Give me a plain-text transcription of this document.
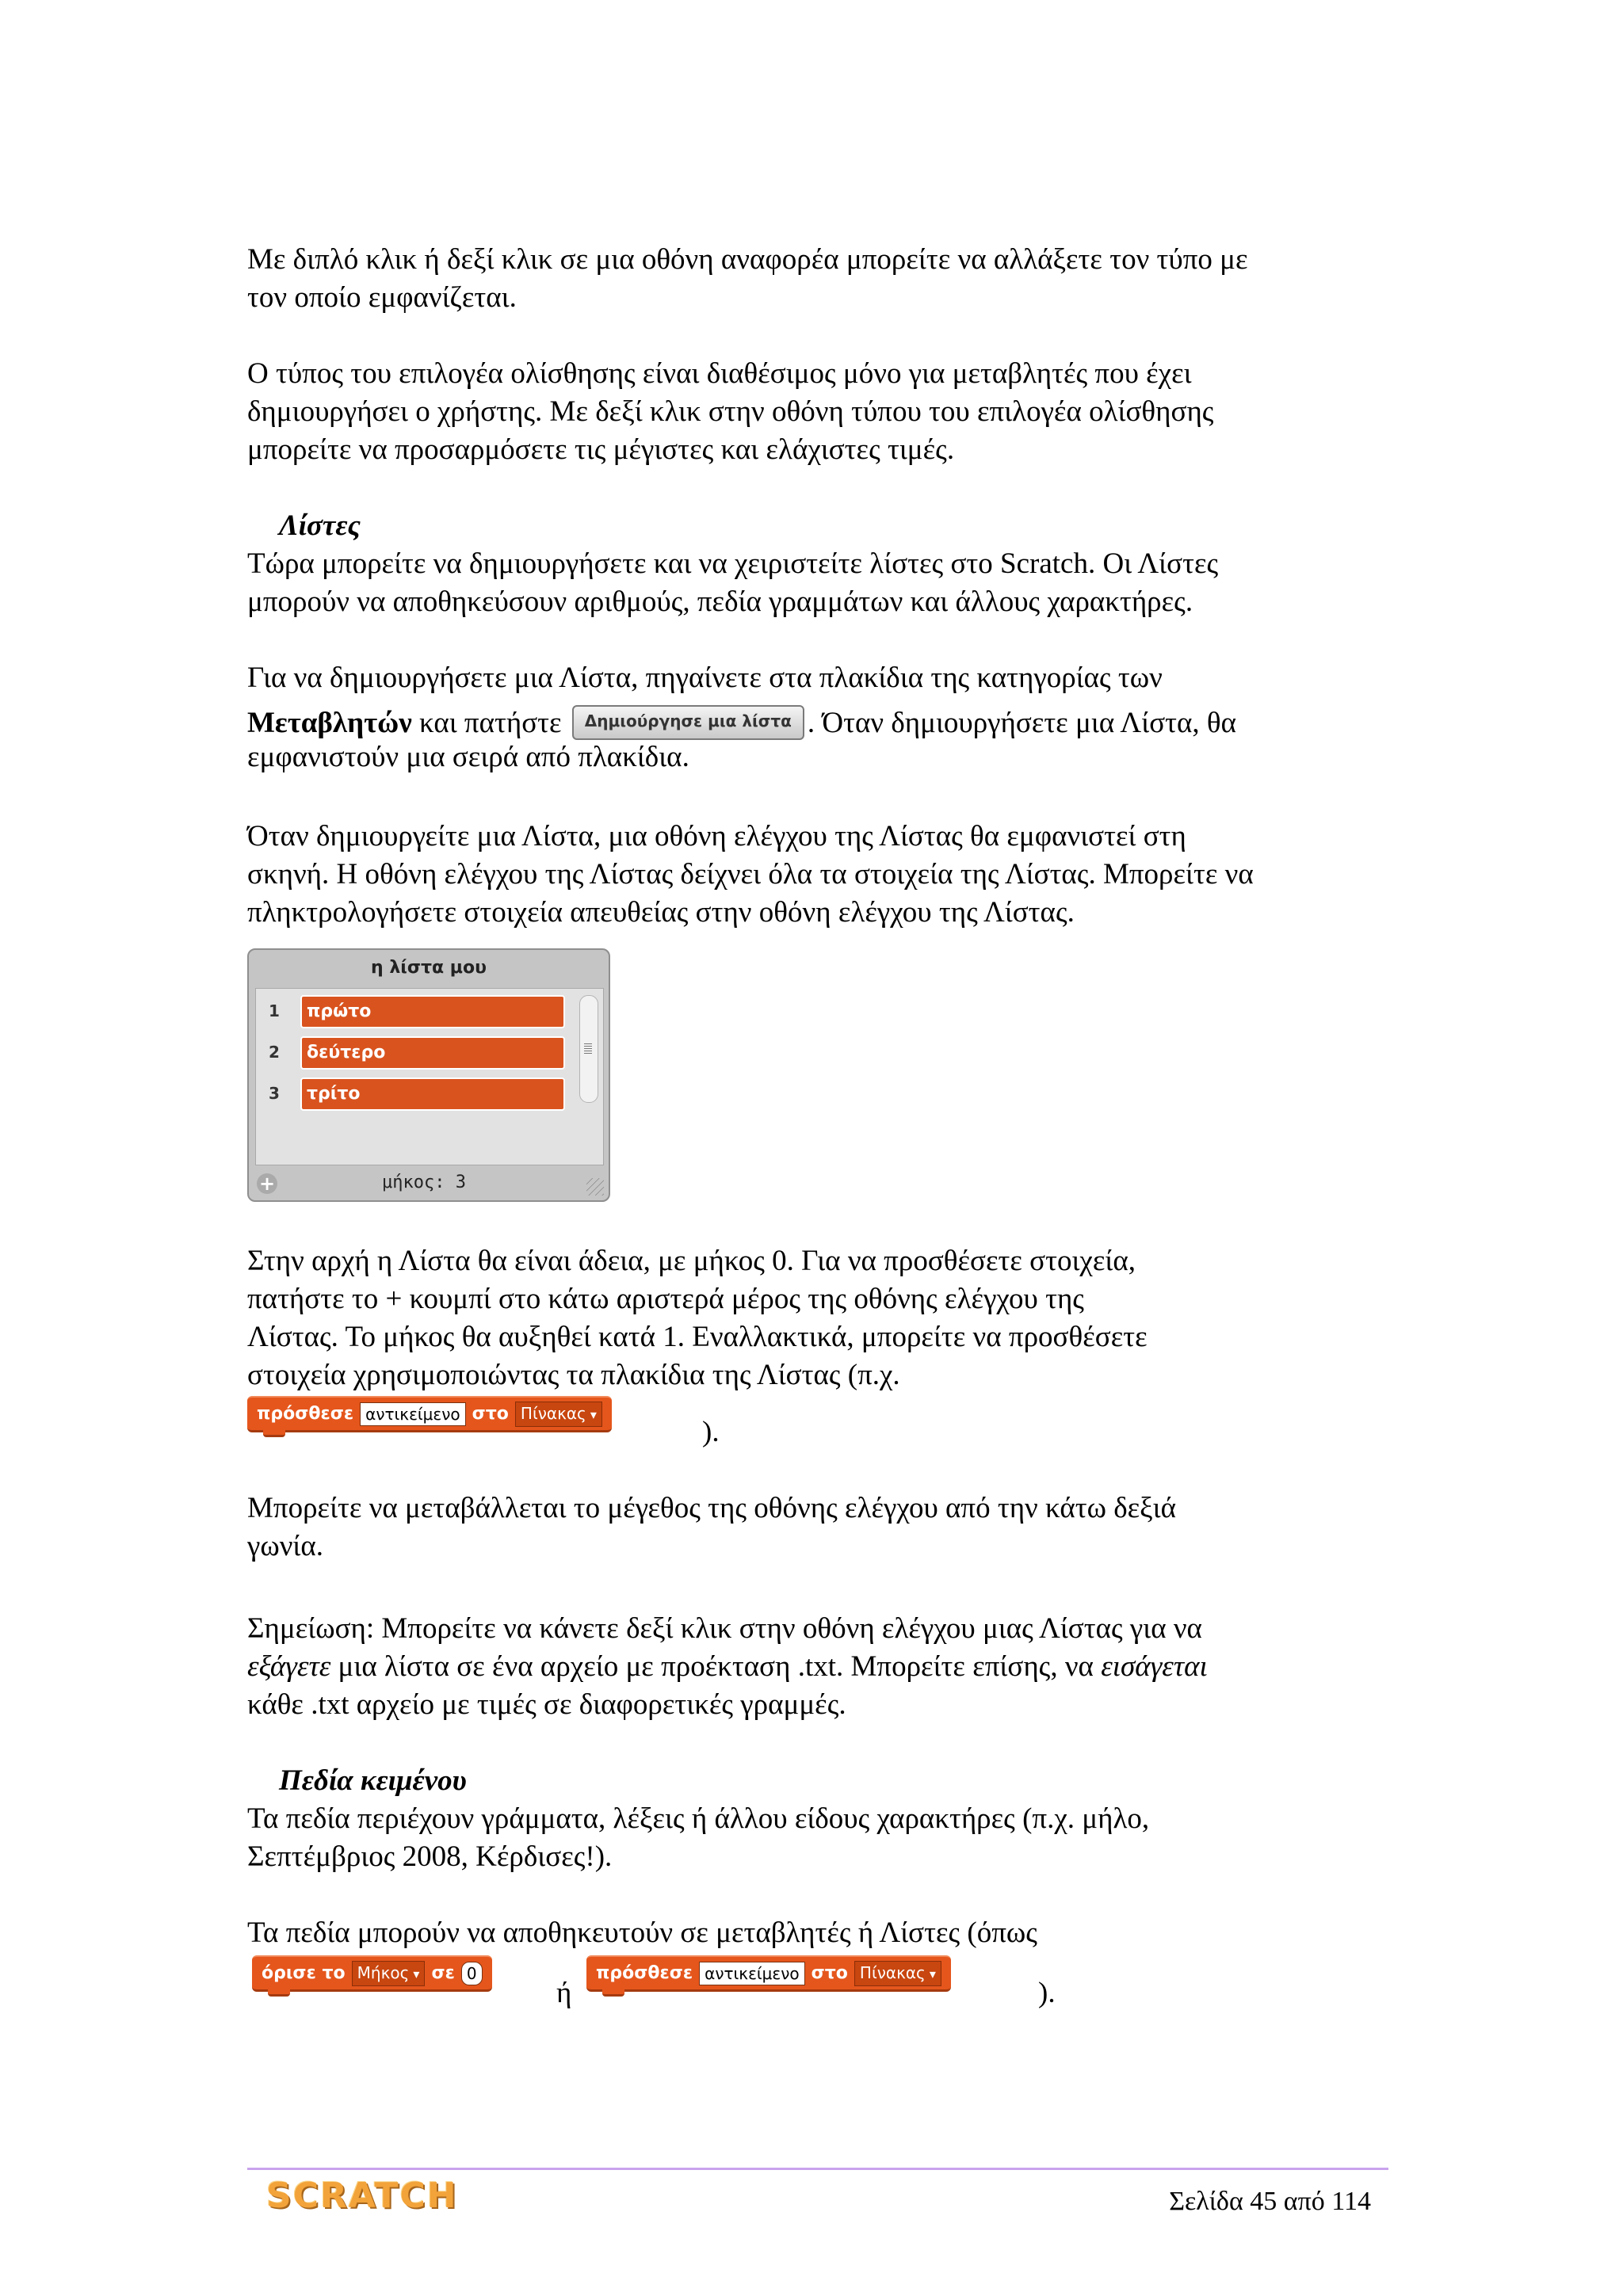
Με διπλό κλικ ή δεξί κλικ σε μια οθόνη αναφορέα μπορείτε να αλλάξετε τον τύπο με
τον οποίο εμφανίζεται.

Ο τύπος του επιλογέα ολίσθησης είναι διαθέσιμος μόνο για μεταβλητές που έχει
δημιουργήσει ο χρήστης. Με δεξί κλικ στην οθόνη τύπου του επιλογέα ολίσθησης
μπορείτε να προσαρμόσετε τις μέγιστες και ελάχιστες τιμές.

Λίστες

Τώρα μπορείτε να δημιουργήσετε και να χειριστείτε λίστες στο Scratch. Οι Λίστες
μπορούν να αποθηκεύσουν αριθμούς, πεδία γραμμάτων και άλλους χαρακτήρες.

Για να δημιουργήσετε μια Λίστα, πηγαίνετε στα πλακίδια της κατηγορίας των
Μεταβλητών και πατήστε Δημιούργησε μια λίστα . Όταν δημιουργήσετε μια Λίστα, θα
εμφανιστούν μια σειρά από πλακίδια.

Όταν δημιουργείτε μια Λίστα, μια οθόνη ελέγχου της Λίστας θα εμφανιστεί στη
σκηνή. Η οθόνη ελέγχου της Λίστας δείχνει όλα τα στοιχεία της Λίστας. Μπορείτε να
πληκτρολογήσετε στοιχεία απευθείας στην οθόνη ελέγχου της Λίστας.

η λίστα μου
1	πρώτο
2	δεύτερο
3	τρίτο
+	μήκος: 3

Στην αρχή η Λίστα θα είναι άδεια, με μήκος 0. Για να προσθέσετε στοιχεία,
πατήστε το + κουμπί στο κάτω αριστερά μέρος της οθόνης ελέγχου της
Λίστας. Το μήκος θα αυξηθεί κατά 1. Εναλλακτικά, μπορείτε να προσθέσετε
στοιχεία χρησιμοποιώντας τα πλακίδια της Λίστας (π.χ.

πρόσθεσε αντικείμενο στο Πίνακας ▾
).

Μπορείτε να μεταβάλλεται το μέγεθος της οθόνης ελέγχου από την κάτω δεξιά
γωνία.

Σημείωση: Μπορείτε να κάνετε δεξί κλικ στην οθόνη ελέγχου μιας Λίστας για να
εξάγετε μια λίστα σε ένα αρχείο με προέκταση .txt. Μπορείτε επίσης, να εισάγεται
κάθε .txt αρχείο με τιμές σε διαφορετικές γραμμές.

Πεδία κειμένου

Τα πεδία περιέχουν γράμματα, λέξεις ή άλλου είδους χαρακτήρες (π.χ. μήλο,
Σεπτέμβριος 2008, Κέρδισες!).

Τα πεδία μπορούν να αποθηκευτούν σε μεταβλητές ή Λίστες (όπως

όρισε το Μήκος ▾	σε 0
ή
πρόσθεσε αντικείμενο στο Πίνακας ▾
).
SCRATCH	Σελίδα 45 από 114
